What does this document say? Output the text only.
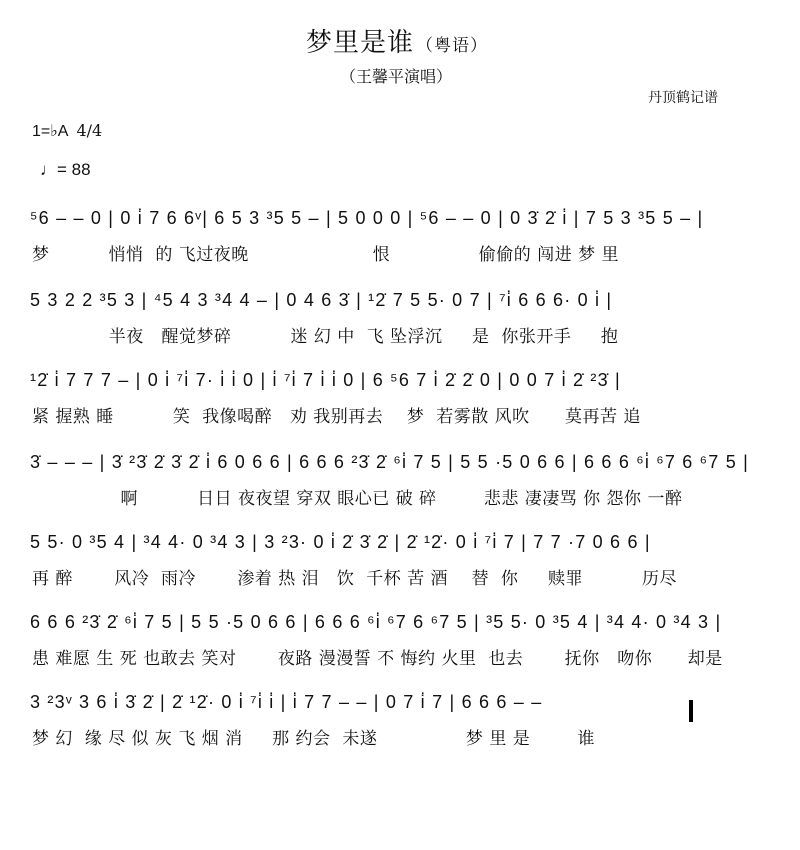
梦里是谁 （粤语）
（王馨平演唱）
丹顶鹤记谱
1=♭A 4/4
♩= 88
⁵6 – – 0 | 0 i̇ 7 6 6ᵛ| 6 5 3 ³5 5 – | 5 0 0 0 | ⁵6 – – 0 | 0 3̇ 2̇ i̇ | 7 5 3 ³5 5 – |
梦          悄悄  的 飞过夜晚                     恨               偷偷的 闯进 梦 里
5 3 2 2 ³5 3 | ⁴5 4 3 ³4 4 – | 0 4 6 3̇ | ¹2̇ 7 5 5· 0 7 | ⁷i̇ 6 6 6· 0 i̇ |
半夜   醒觉梦碎          迷 幻 中  飞 坠浮沉     是  你张开手     抱
¹2̇ i̇ 7 7 7 – | 0 i̇ ⁷i̇ 7· i̇ i̇ 0 | i̇ ⁷i̇ 7 i̇ i̇ 0 | 6 ⁵6 7 i̇ 2̇ 2̇ 0 | 0 0 7 i̇ 2̇ ²3̇ |
紧 握熟 睡          笑  我像喝醉   劝 我别再去    梦  若雾散 风吹      莫再苦 追
3̇ – – – | 3̇ ²3̇ 2̇ 3̇ 2̇ i̇ 6 0 6 6 | 6 6 6 ²3̇ 2̇ ⁶i̇ 7 5 | 5 5 ·5 0 6 6 | 6 6 6 ⁶i̇ ⁶7 6 ⁶7 5 |
啊          日日 夜夜望 穿双 眼心已 破 碎        悲悲 凄凄骂 你 怨你 一醉
5 5· 0 ³5 4 | ³4 4· 0 ³4 3 | 3 ²3· 0 i̇ 2̇ 3̇ 2̇ | 2̇ ¹2̇· 0 i̇ ⁷i̇ 7 | 7 7 ·7 0 6 6 |
再 醉       风冷  雨冷       渗着 热 泪   饮  千杯 苦 酒    替  你     赎罪          历尽
6 6 6 ²3̇ 2̇ ⁶i̇ 7 5 | 5 5 ·5 0 6 6 | 6 6 6 ⁶i̇ ⁶7 6 ⁶7 5 | ³5 5· 0 ³5 4 | ³4 4· 0 ³4 3 |
患 难愿 生 死 也敢去 笑对       夜路 漫漫誓 不 悔约 火里  也去       抚你   吻你      却是
3 ²3ᵛ 3 6 i̇ 3̇ 2̇ | 2̇ ¹2̇· 0 i̇ ⁷i̇ i̇ | i̇ 7 7 – – | 0 7 i̇ 7 | 6 6 6 – –
梦 幻  缘 尽 似 灰 飞 烟 消     那 约会  未遂               梦 里 是        谁
